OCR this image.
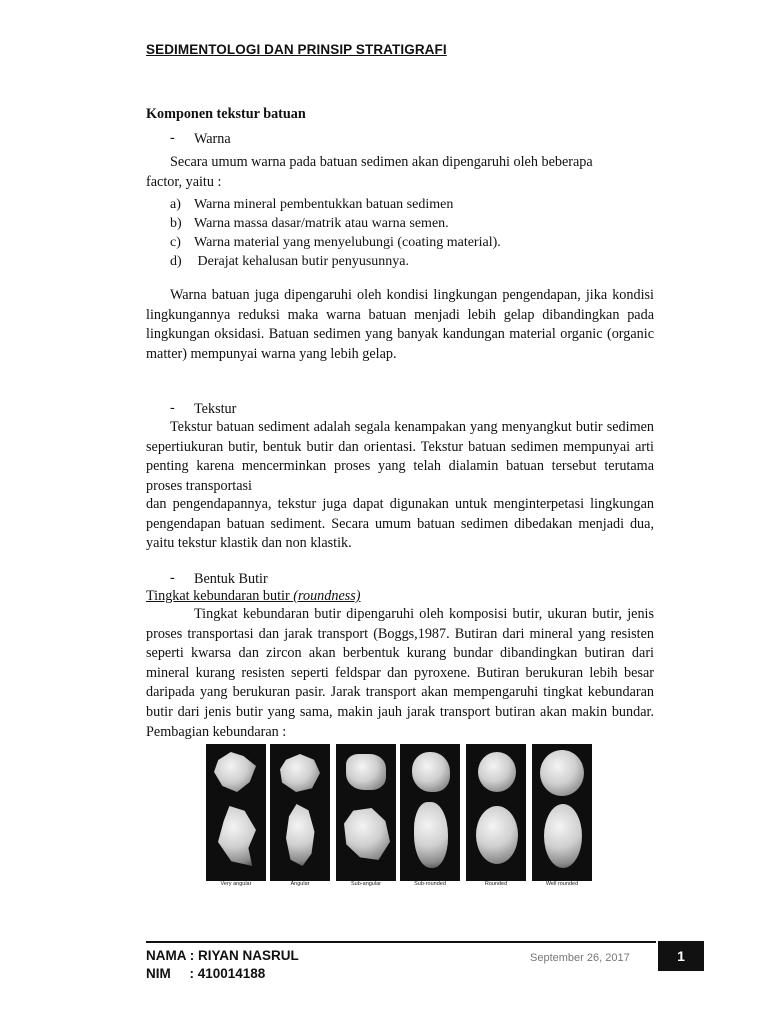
SEDIMENTOLOGI DAN PRINSIP STRATIGRAFI
Komponen tekstur batuan
- Warna
Secara umum warna pada batuan sedimen akan dipengaruhi oleh beberapa
factor, yaitu :
a) Warna mineral pembentukkan batuan sedimen
b) Warna massa dasar/matrik atau warna semen.
c) Warna material yang menyelubungi (coating material).
d) Derajat kehalusan butir penyusunnya.
Warna batuan juga dipengaruhi oleh kondisi lingkungan pengendapan, jika kondisi lingkungannya reduksi maka warna batuan menjadi lebih gelap dibandingkan pada lingkungan oksidasi. Batuan sedimen yang banyak kandungan material organic (organic matter) mempunyai warna yang lebih gelap.
- Tekstur
Tekstur batuan sediment adalah segala kenampakan yang menyangkut butir sedimen sepertiukuran butir, bentuk butir dan orientasi. Tekstur batuan sedimen mempunyai arti penting karena mencerminkan proses yang telah dialamin batuan tersebut terutama proses transportasi
dan pengendapannya, tekstur juga dapat digunakan untuk menginterpetasi lingkungan pengendapan batuan sediment. Secara umum batuan sedimen dibedakan menjadi dua, yaitu tekstur klastik dan non klastik.
- Bentuk Butir
Tingkat kebundaran butir (roundness)
Tingkat kebundaran butir dipengaruhi oleh komposisi butir, ukuran butir, jenis proses transportasi dan jarak transport (Boggs,1987. Butiran dari mineral yang resisten seperti kwarsa dan zircon akan berbentuk kurang bundar dibandingkan butiran dari mineral kurang resisten seperti feldspar dan pyroxene. Butiran berukuran lebih besar daripada yang berukuran pasir. Jarak transport akan mempengaruhi tingkat kebundaran butir dari jenis butir yang sama, makin jauh jarak transport butiran akan makin bundar. Pembagian kebundaran :
Very angular	Angular	Sub-angular	Sub-rounded	Rounded	Well rounded
NAMA : RIYAN NASRUL
NIM     : 410014188
September 26, 2017	1
